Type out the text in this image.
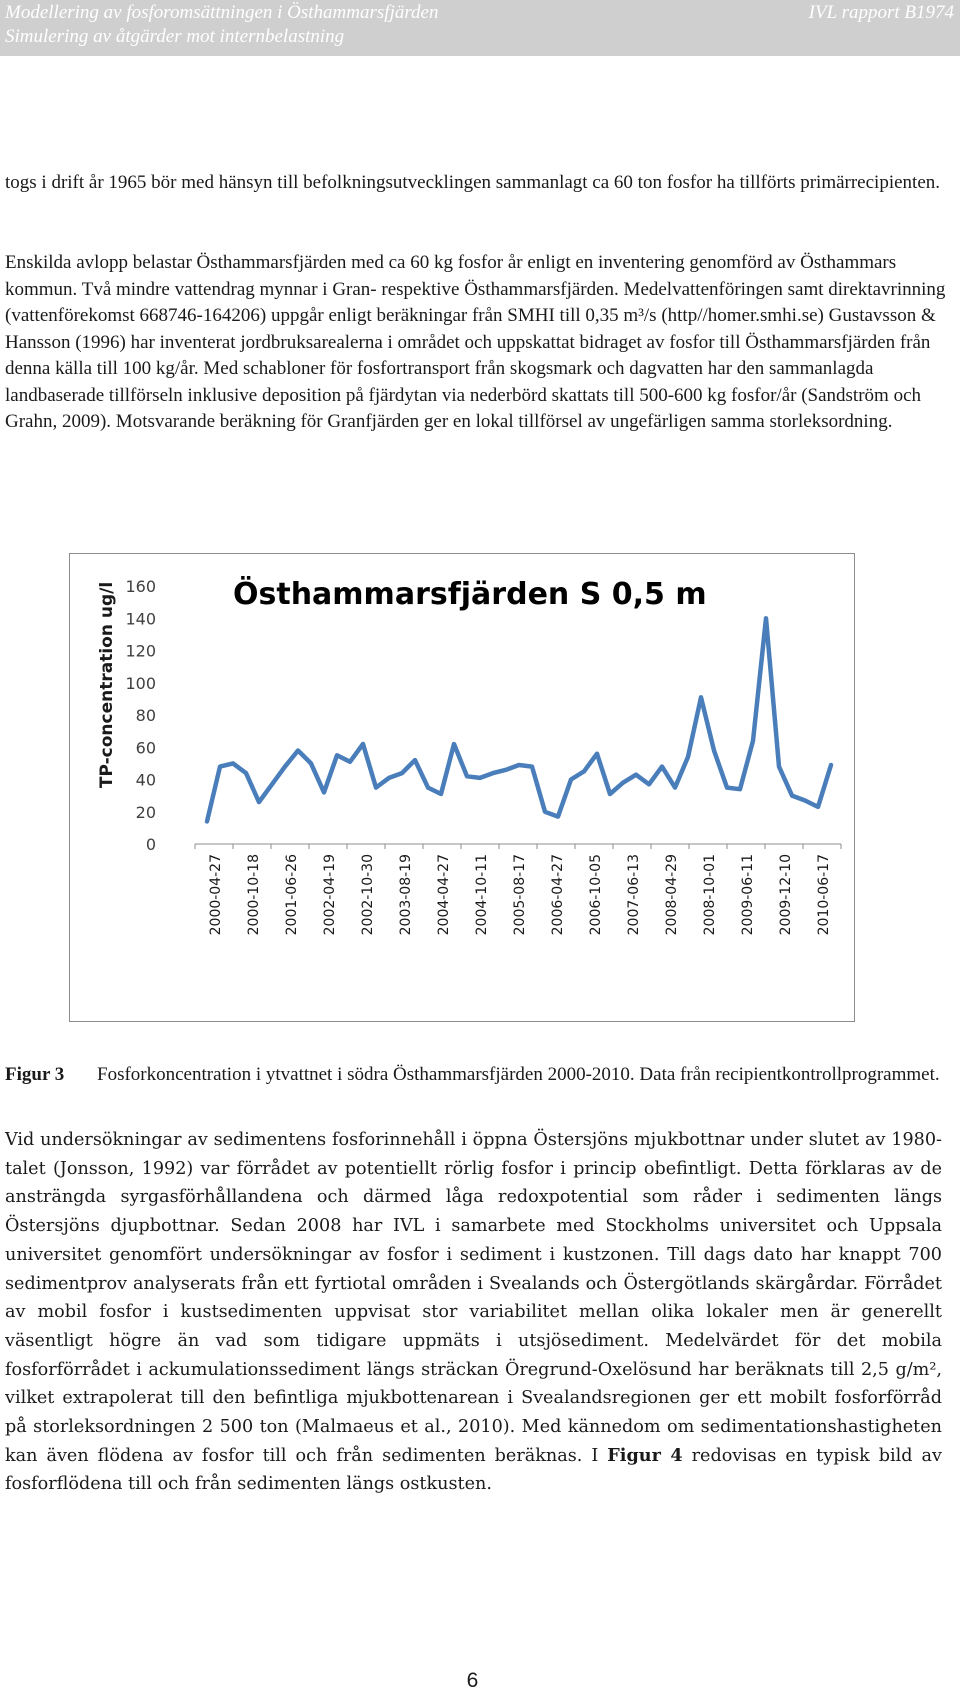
Modellering av fosforomsättningen i Östhammarsfjärden
Simulering av åtgärder mot internbelastning
IVL rapport B1974

togs i drift år 1965 bör med hänsyn till befolkningsutvecklingen sammanlagt ca 60 ton fosfor ha tillförts primärrecipienten.

Enskilda avlopp belastar Östhammarsfjärden med ca 60 kg fosfor år enligt en inventering genomförd av Östhammars kommun. Två mindre vattendrag mynnar i Gran- respektive Östhammarsfjärden. Medelvattenföringen samt direktavrinning (vattenförekomst 668746-164206) uppgår enligt beräkningar från SMHI till 0,35 m³/s (http//homer.smhi.se) Gustavsson & Hansson (1996) har inventerat jordbruksarealerna i området och uppskattat bidraget av fosfor till Östhammarsfjärden från denna källa till 100 kg/år. Med schabloner för fosfortransport från skogsmark och dagvatten har den sammanlagda landbaserade tillförseln inklusive deposition på fjärdytan via nederbörd skattats till 500-600 kg fosfor/år (Sandström och Grahn, 2009). Motsvarande beräkning för Granfjärden ger en lokal tillförsel av ungefärligen samma storleksordning.

0
20
40
60
80
100
120
140
160
TP-concentration ug/l
2000-04-27 2000-10-18 2001-06-26 2002-04-19 2002-10-30 2003-08-19 2004-04-27 2004-10-11 2005-08-17 2006-04-27 2006-10-05 2007-06-13 2008-04-29 2008-10-01 2009-06-11 2009-12-10 2010-06-17
Östhammarsfjärden S 0,5 m
Figur 3 Fosforkoncentration i ytvattnet i södra Östhammarsfjärden 2000-2010. Data från recipientkontrollprogrammet.

Vid undersökningar av sedimentens fosforinnehåll i öppna Östersjöns mjukbottnar under slutet av 1980-talet (Jonsson, 1992) var förrådet av potentiellt rörlig fosfor i princip obefintligt. Detta förklaras av de ansträngda syrgasförhållandena och därmed låga redoxpotential som råder i sedimenten längs Östersjöns djupbottnar. Sedan 2008 har IVL i samarbete med Stockholms universitet och Uppsala universitet genomfört undersökningar av fosfor i sediment i kustzonen. Till dags dato har knappt 700 sedimentprov analyserats från ett fyrtiotal områden i Svealands och Östergötlands skärgårdar. Förrådet av mobil fosfor i kustsedimenten uppvisat stor variabilitet mellan olika lokaler men är generellt väsentligt högre än vad som tidigare uppmäts i utsjösediment. Medelvärdet för det mobila fosforförrådet i ackumulationssediment längs sträckan Öregrund-Oxelösund har beräknats till 2,5 g/m², vilket extrapolerat till den befintliga mjukbottenarean i Svealandsregionen ger ett mobilt fosforförråd på storleksordningen 2 500 ton (Malmaeus et al., 2010). Med kännedom om sedimentationshastigheten kan även flödena av fosfor till och från sedimenten beräknas. I Figur 4 redovisas en typisk bild av fosforflödena till och från sedimenten längs ostkusten.

6
